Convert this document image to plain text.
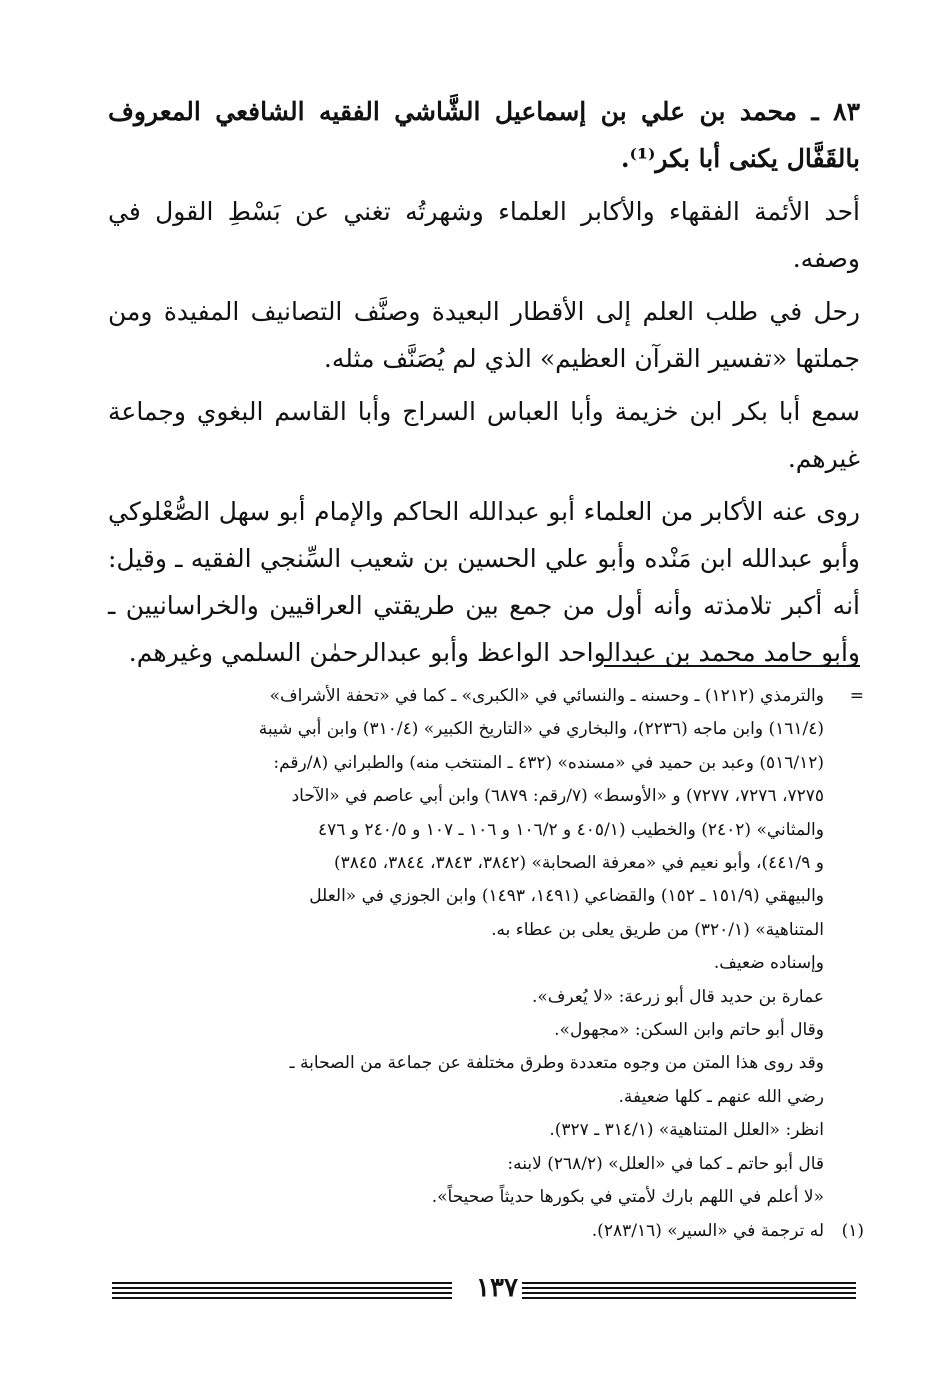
٨٣ ـ محمد بن علي بن إسماعيل الشَّاشي الفقيه الشافعي المعروف بالقَفَّال يكنى أبا بكر⁽¹⁾.

أحد الأئمة الفقهاء والأكابر العلماء وشهرتُه تغني عن بَسْطِ القول في وصفه.

رحل في طلب العلم إلى الأقطار البعيدة وصنَّف التصانيف المفيدة ومن جملتها «تفسير القرآن العظيم» الذي لم يُصَنَّف مثله.

سمع أبا بكر ابن خزيمة وأبا العباس السراج وأبا القاسم البغوي وجماعة غيرهم.

روى عنه الأكابر من العلماء أبو عبدالله الحاكم والإمام أبو سهل الصُّعْلوكي وأبو عبدالله ابن مَنْده وأبو علي الحسين بن شعيب السِّنجي الفقيه ـ وقيل: أنه أكبر تلامذته وأنه أول من جمع بين طريقتي العراقيين والخراسانيين ـ وأبو حامد محمد بن عبدالواحد الواعظ وأبو عبدالرحمٰن السلمي وغيرهم.

=
والترمذي (١٢١٢) ـ وحسنه ـ والنسائي في «الكبرى» ـ كما في «تحفة الأشراف»
(١٦١/٤) وابن ماجه (٢٢٣٦)، والبخاري في «التاريخ الكبير» (٣١٠/٤) وابن أبي شيبة
(٥١٦/١٢) وعبد بن حميد في «مسنده» (٤٣٢ ـ المنتخب منه) والطبراني (٨/رقم:
٧٢٧٥، ٧٢٧٦، ٧٢٧٧) و «الأوسط» (٧/رقم: ٦٨٧٩) وابن أبي عاصم في «الآحاد
والمثاني» (٢٤٠٢) والخطيب (٤٠٥/١ و ١٠٦/٢ و ١٠٦ ـ ١٠٧ و ٢٤٠/٥ و ٤٧٦
و ٤٤١/٩)، وأبو نعيم في «معرفة الصحابة» (٣٨٤٢، ٣٨٤٣، ٣٨٤٤، ٣٨٤٥)
والبيهقي (١٥١/٩ ـ ١٥٢) والقضاعي (١٤٩١، ١٤٩٣) وابن الجوزي في «العلل
المتناهية» (٣٢٠/١) من طريق يعلى بن عطاء به.
وإسناده ضعيف.
عمارة بن حديد قال أبو زرعة: «لا يُعرف».
وقال أبو حاتم وابن السكن: «مجهول».
وقد روى هذا المتن من وجوه متعددة وطرق مختلفة عن جماعة من الصحابة ـ
رضي الله عنهم ـ كلها ضعيفة.
انظر: «العلل المتناهية» (٣١٤/١ ـ ٣٢٧).
قال أبو حاتم ـ كما في «العلل» (٢٦٨/٢) لابنه:
«لا أعلم في اللهم بارك لأمتي في بكورها حديثاً صحيحاً».
(١)
له ترجمة في «السير» (٢٨٣/١٦).
١٣٧
